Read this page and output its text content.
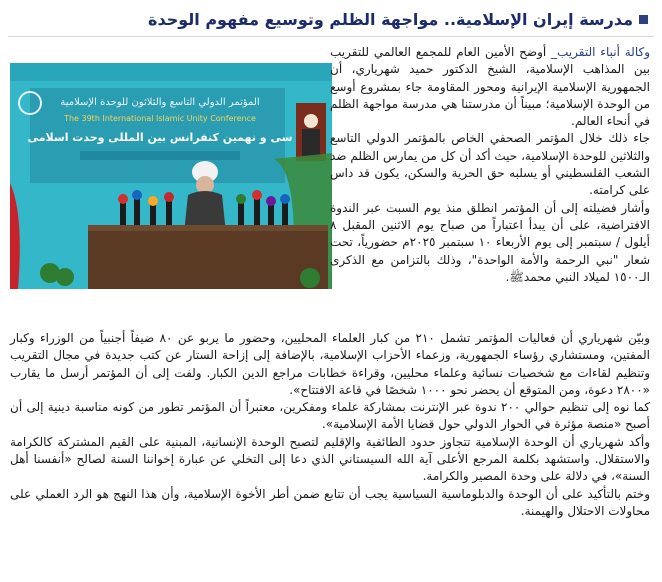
مدرسة إيران الإسلامية.. مواجهة الظلم وتوسيع مفهوم الوحدة
المؤتمر الدولي التاسع والثلاثون للوحدة الإسلامية
The 39th International Islamic Unity Conference
سی و نهمین کنفرانس بین المللی وحدت اسلامی

وكالة أنباء التقريب_ أوضح الأمين العام للمجمع العالمي للتقريب بين المذاهب الإسلامية، الشيخ الدكتور حميد شهرياري، أن الجمهورية الإسلامية الإيرانية ومحور المقاومة جاء بمشروع أوسع من الوحدة الإسلامية؛ مبيناً أن مدرستنا هي مدرسة مواجهة الظلم في أنحاء العالم.

جاء ذلك خلال المؤتمر الصحفي الخاص بالمؤتمر الدولي التاسع والثلاثين للوحدة الإسلامية، حيث أكد أن كل من يمارس الظلم ضد الشعب الفلسطيني أو يسلبه حق الحرية والسكن، يكون قد داس على كرامته.

وأشار فضيلته إلى أن المؤتمر انطلق منذ يوم السبت عبر الندوة الافتراضية، على أن يبدأ اعتباراً من صباح يوم الاثنين المقبل ٨ أيلول / سبتمبر إلى يوم الأربعاء ١٠ سبتمبر ٢٠٢٥م حضورياً، تحت شعار "نبي الرحمة والأمة الواحدة"، وذلك بالتزامن مع الذكرى الـ١٥٠٠ لميلاد النبي محمدﷺ.

وبيّن شهرياري أن فعاليات المؤتمر تشمل ٢١٠ من كبار العلماء المحليين، وحضور ما يربو عن ٨٠ ضيفاً أجنبياً من الوزراء وكبار المفتين، ومستشاري رؤساء الجمهورية، وزعماء الأحزاب الإسلامية، بالإضافة إلى إزاحة الستار عن كتب جديدة في مجال التقريب وتنظيم لقاءات مع شخصيات نسائية وعلماء محليين، وقراءة خطابات مراجع الدين الكبار. ولفت إلى أن المؤتمر أرسل ما يقارب «٢٨٠٠ دعوة، ومن المتوقع أن يحضر نحو ١٠٠٠ شخصًا في قاعة الافتتاح».

كما نوه إلى تنظيم حوالي ٢٠٠ ندوة عبر الإنترنت بمشاركة علماء ومفكرين، معتبراً أن المؤتمر تطور من كونه مناسبة دينية إلى أن أصبح «منصة مؤثرة في الحوار الدولي حول قضايا الأمة الإسلامية».

وأكد شهرياري أن الوحدة الإسلامية تتجاوز حدود الطائفية والإقليم لتصبح الوحدة الإنسانية، المبنية على القيم المشتركة كالكرامة والاستقلال. واستشهد بكلمة المرجع الأعلى آية الله السيستاني الذي دعا إلى التخلي عن عبارة إخواننا السنة لصالح «أنفسنا أهل السنة»، في دلالة على وحدة المصير والكرامة.

وختم بالتأكيد على أن الوحدة والدبلوماسية السياسية يجب أن تتابع ضمن أطر الأخوة الإسلامية، وأن هذا النهج هو الرد العملي على محاولات الاحتلال والهيمنة.
